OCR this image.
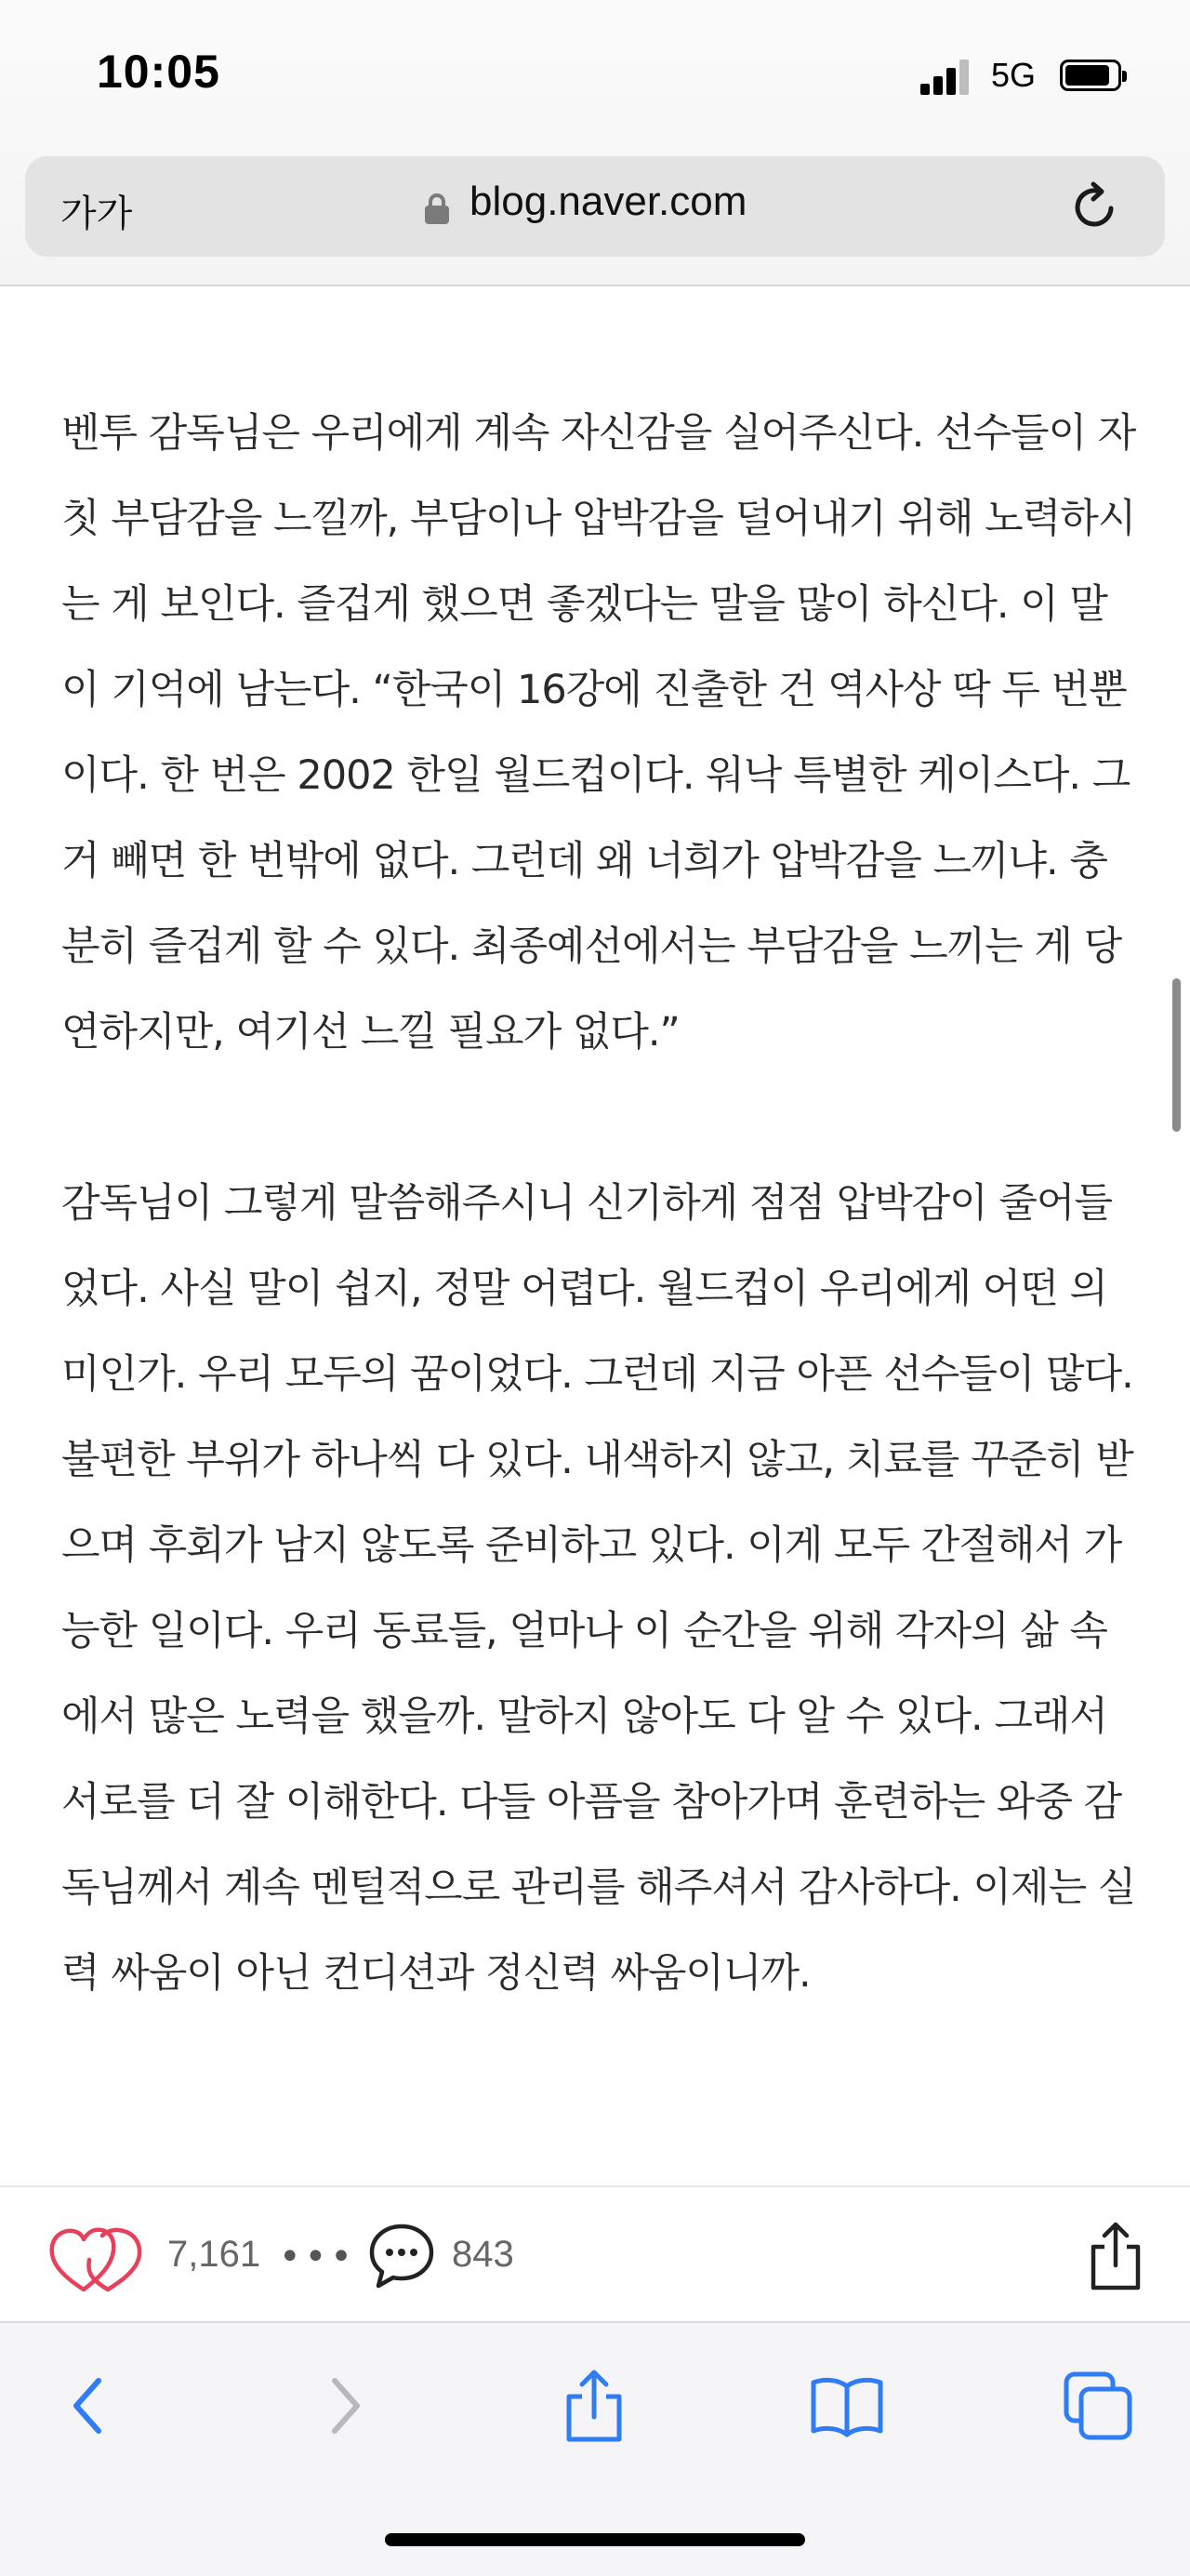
10:05	5G
가가	blog.naver.com

벤투 감독님은 우리에게 계속 자신감을 실어주신다. 선수들이 자칫 부담감을 느낄까, 부담이나 압박감을 덜어내기 위해 노력하시는 게 보인다. 즐겁게 했으면 좋겠다는 말을 많이 하신다. 이 말이 기억에 남는다. “한국이 16강에 진출한 건 역사상 딱 두 번뿐이다. 한 번은 2002 한일 월드컵이다. 워낙 특별한 케이스다. 그거 빼면 한 번밖에 없다. 그런데 왜 너희가 압박감을 느끼냐. 충분히 즐겁게 할 수 있다. 최종예선에서는 부담감을 느끼는 게 당연하지만, 여기선 느낄 필요가 없다.”

감독님이 그렇게 말씀해주시니 신기하게 점점 압박감이 줄어들었다. 사실 말이 쉽지, 정말 어렵다. 월드컵이 우리에게 어떤 의미인가. 우리 모두의 꿈이었다. 그런데 지금 아픈 선수들이 많다. 불편한 부위가 하나씩 다 있다. 내색하지 않고, 치료를 꾸준히 받으며 후회가 남지 않도록 준비하고 있다. 이게 모두 간절해서 가능한 일이다. 우리 동료들, 얼마나 이 순간을 위해 각자의 삶 속에서 많은 노력을 했을까. 말하지 않아도 다 알 수 있다. 그래서 서로를 더 잘 이해한다. 다들 아픔을 참아가며 훈련하는 와중 감독님께서 계속 멘털적으로 관리를 해주셔서 감사하다. 이제는 실력 싸움이 아닌 컨디션과 정신력 싸움이니까.

7,161 •••	843
